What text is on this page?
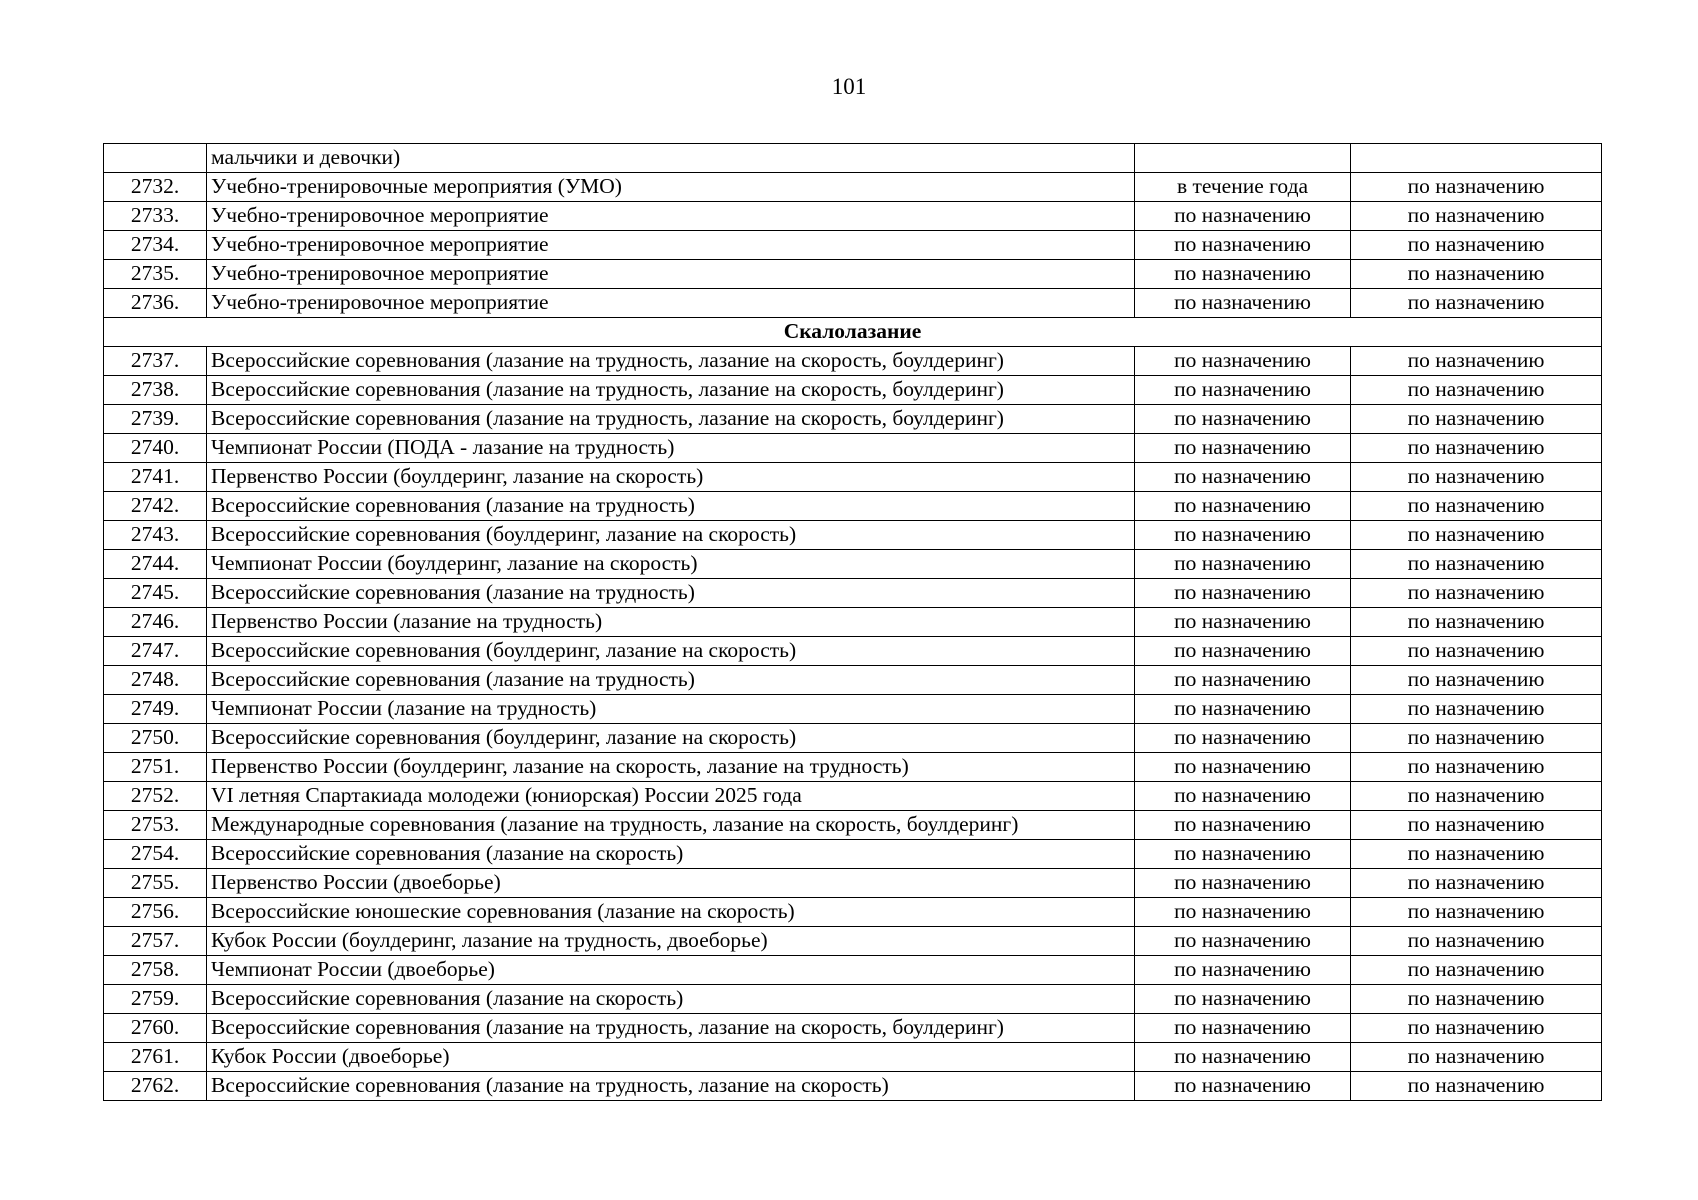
101
	мальчики и девочки)		
2732.	Учебно-тренировочные мероприятия (УМО)	в течение года	по назначению
2733.	Учебно-тренировочное мероприятие	по назначению	по назначению
2734.	Учебно-тренировочное мероприятие	по назначению	по назначению
2735.	Учебно-тренировочное мероприятие	по назначению	по назначению
2736.	Учебно-тренировочное мероприятие	по назначению	по назначению
Скалолазание			
2737.	Всероссийские соревнования (лазание на трудность, лазание на скорость, боулдеринг)	по назначению	по назначению
2738.	Всероссийские соревнования (лазание на трудность, лазание на скорость, боулдеринг)	по назначению	по назначению
2739.	Всероссийские соревнования (лазание на трудность, лазание на скорость, боулдеринг)	по назначению	по назначению
2740.	Чемпионат России (ПОДА - лазание на трудность)	по назначению	по назначению
2741.	Первенство России (боулдеринг, лазание на скорость)	по назначению	по назначению
2742.	Всероссийские соревнования (лазание на трудность)	по назначению	по назначению
2743.	Всероссийские соревнования (боулдеринг, лазание на скорость)	по назначению	по назначению
2744.	Чемпионат России (боулдеринг, лазание на скорость)	по назначению	по назначению
2745.	Всероссийские соревнования (лазание на трудность)	по назначению	по назначению
2746.	Первенство России (лазание на трудность)	по назначению	по назначению
2747.	Всероссийские соревнования (боулдеринг, лазание на скорость)	по назначению	по назначению
2748.	Всероссийские соревнования (лазание на трудность)	по назначению	по назначению
2749.	Чемпионат России (лазание на трудность)	по назначению	по назначению
2750.	Всероссийские соревнования (боулдеринг, лазание на скорость)	по назначению	по назначению
2751.	Первенство России (боулдеринг, лазание на скорость, лазание на трудность)	по назначению	по назначению
2752.	VI летняя Спартакиада молодежи (юниорская) России 2025 года	по назначению	по назначению
2753.	Международные соревнования (лазание на трудность, лазание на скорость, боулдеринг)	по назначению	по назначению
2754.	Всероссийские соревнования (лазание на скорость)	по назначению	по назначению
2755.	Первенство России (двоеборье)	по назначению	по назначению
2756.	Всероссийские юношеские соревнования (лазание на скорость)	по назначению	по назначению
2757.	Кубок России (боулдеринг, лазание на трудность, двоеборье)	по назначению	по назначению
2758.	Чемпионат России (двоеборье)	по назначению	по назначению
2759.	Всероссийские соревнования (лазание на скорость)	по назначению	по назначению
2760.	Всероссийские соревнования (лазание на трудность, лазание на скорость, боулдеринг)	по назначению	по назначению
2761.	Кубок России (двоеборье)	по назначению	по назначению
2762.	Всероссийские соревнования (лазание на трудность, лазание на скорость)	по назначению	по назначению
